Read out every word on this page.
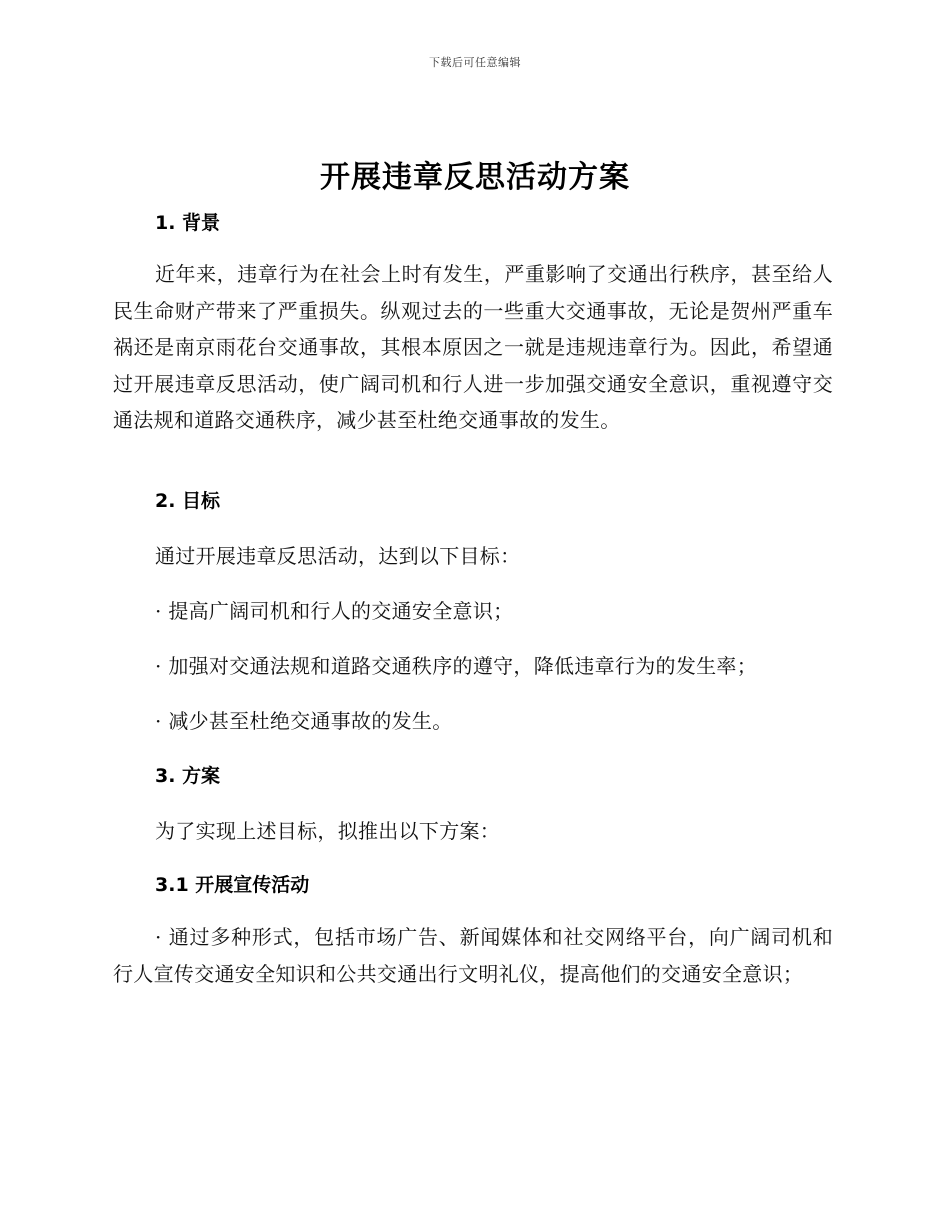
下载后可任意编辑
开展违章反思活动方案
1. 背景
近年来，违章行为在社会上时有发生，严重影响了交通出行秩序，甚至给人民生命财产带来了严重损失。纵观过去的一些重大交通事故，无论是贺州严重车祸还是南京雨花台交通事故，其根本原因之一就是违规违章行为。因此，希望通过开展违章反思活动，使广阔司机和行人进一步加强交通安全意识，重视遵守交通法规和道路交通秩序，减少甚至杜绝交通事故的发生。
2. 目标
通过开展违章反思活动，达到以下目标：
· 提高广阔司机和行人的交通安全意识；
· 加强对交通法规和道路交通秩序的遵守，降低违章行为的发生率；
· 减少甚至杜绝交通事故的发生。
3. 方案
为了实现上述目标，拟推出以下方案：
3.1 开展宣传活动
· 通过多种形式，包括市场广告、新闻媒体和社交网络平台，向广阔司机和行人宣传交通安全知识和公共交通出行文明礼仪，提高他们的交通安全意识；
